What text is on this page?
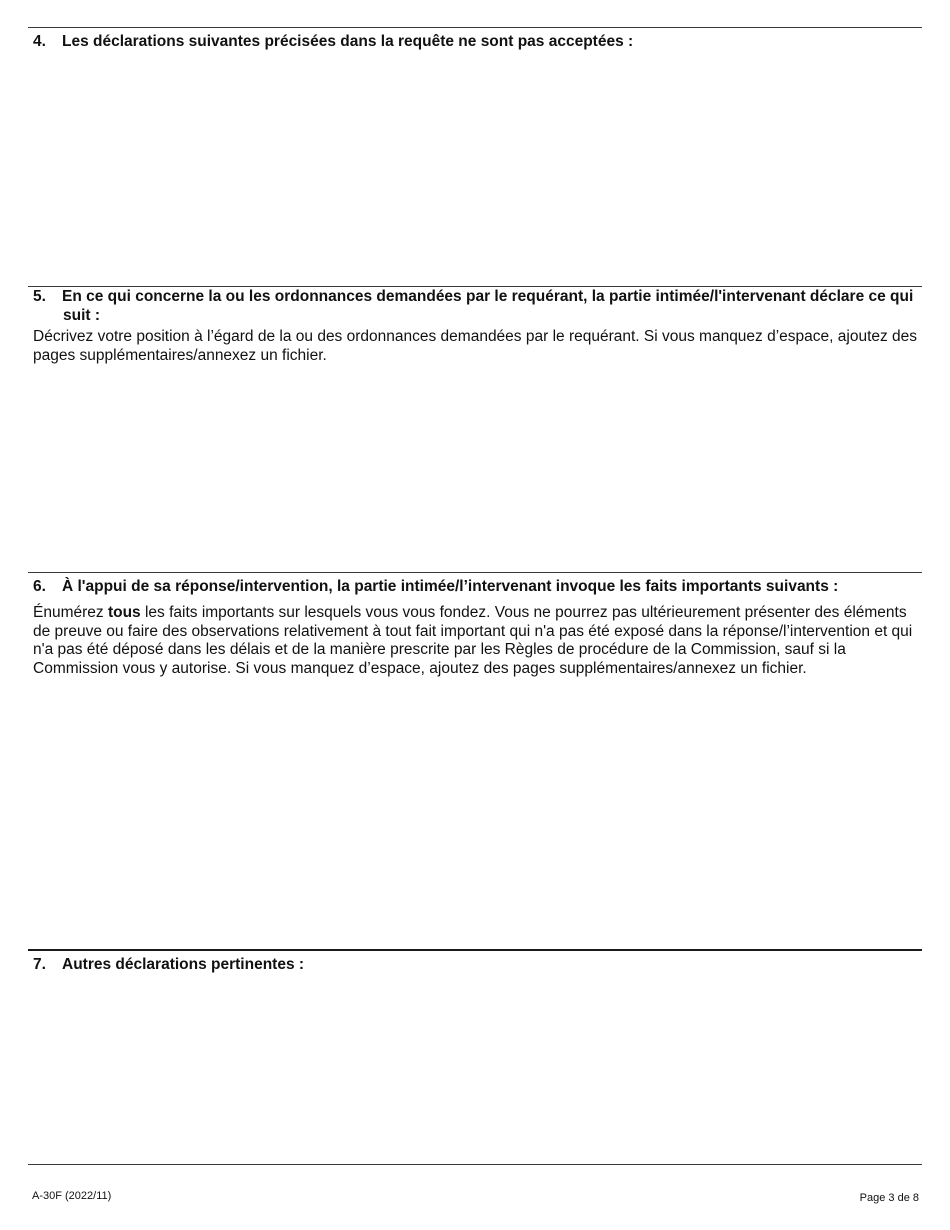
4. Les déclarations suivantes précisées dans la requête ne sont pas acceptées :
5. En ce qui concerne la ou les ordonnances demandées par le requérant, la partie intimée/l'intervenant déclare ce qui
suit :

Décrivez votre position à l’égard de la ou des ordonnances demandées par le requérant. Si vous manquez d’espace, ajoutez des pages supplémentaires/annexez un fichier.

6. À l'appui de sa réponse/intervention, la partie intimée/l’intervenant invoque les faits importants suivants :

Énumérez tous les faits importants sur lesquels vous vous fondez. Vous ne pourrez pas ultérieurement présenter des éléments de preuve ou faire des observations relativement à tout fait important qui n'a pas été exposé dans la réponse/l’intervention et qui n'a pas été déposé dans les délais et de la manière prescrite par les Règles de procédure de la Commission, sauf si la Commission vous y autorise. Si vous manquez d’espace, ajoutez des pages supplémentaires/annexez un fichier.

7. Autres déclarations pertinentes :
A-30F (2022/11)	Page 3 de 8
